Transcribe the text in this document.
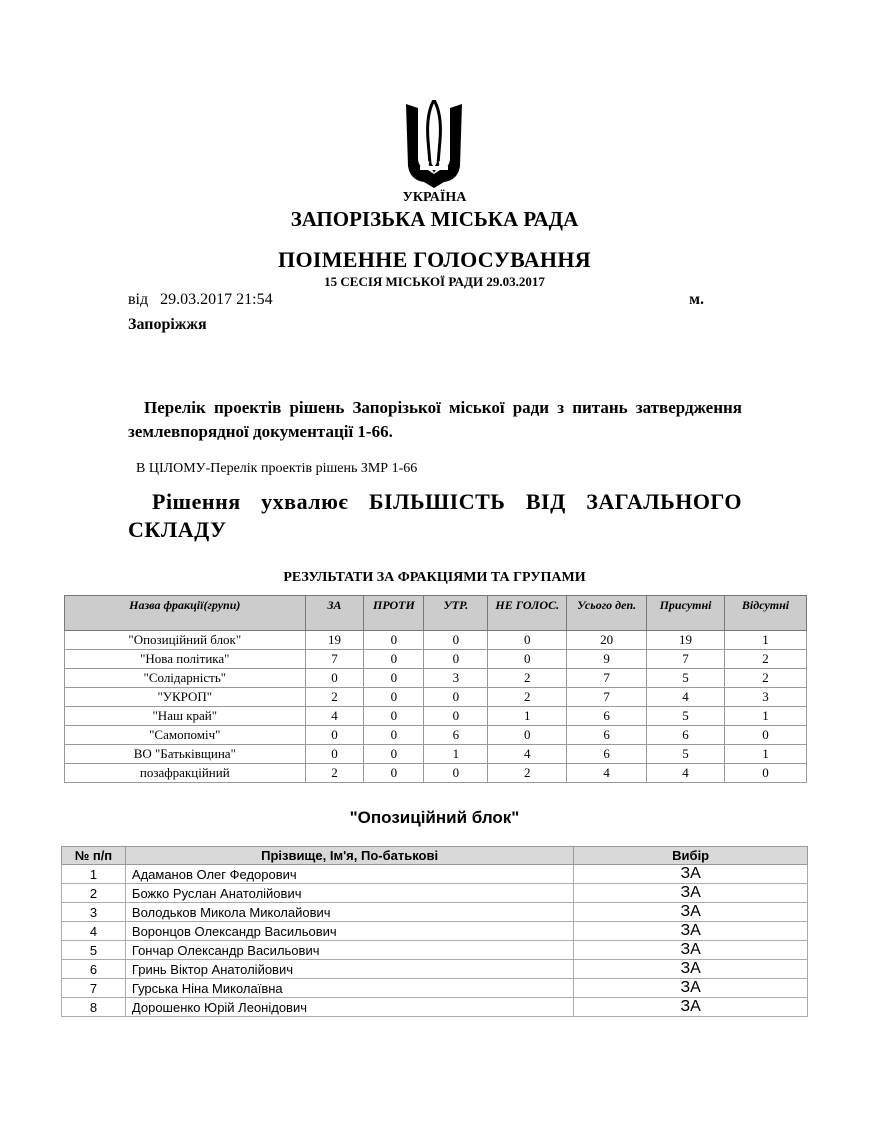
УКРАЇНА
ЗАПОРІЗЬКА МІСЬКА РАДА
ПОІМЕННЕ ГОЛОСУВАННЯ
15 СЕСІЯ МІСЬКОЇ РАДИ 29.03.2017
від 29.03.2017 21:54	м.
Запоріжжя
Перелік проектів рішень Запорізької міської ради з питань затвердження землевпорядної документації 1-66.
В ЦІЛОМУ-Перелік проектів рішень ЗМР 1-66
Рішення ухвалює БІЛЬШІСТЬ ВІД ЗАГАЛЬНОГО СКЛАДУ
РЕЗУЛЬТАТИ ЗА ФРАКЦІЯМИ ТА ГРУПАМИ
Назва фракції(групи)	ЗА	ПРОТИ	УТР.	НЕ ГОЛОС.	Усього деп.	Присутні	Відсутні
"Опозиційний блок"	19	0	0	0	20	19	1
"Нова політика"	7	0	0	0	9	7	2
"Солідарність"	0	0	3	2	7	5	2
"УКРОП"	2	0	0	2	7	4	3
"Наш край"	4	0	0	1	6	5	1
"Самопоміч"	0	0	6	0	6	6	0
ВО "Батьківщина"	0	0	1	4	6	5	1
позафракційний	2	0	0	2	4	4	0
"Опозиційний блок"
№ п/п	Прізвище, Ім'я, По-батькові	Вибір
1	Адаманов Олег Федорович	ЗА
2	Божко Руслан Анатолійович	ЗА
3	Володьков Микола Миколайович	ЗА
4	Воронцов Олександр Васильович	ЗА
5	Гончар Олександр Васильович	ЗА
6	Гринь Віктор Анатолійович	ЗА
7	Гурська Ніна Миколаївна	ЗА
8	Дорошенко Юрій Леонідович	ЗА
